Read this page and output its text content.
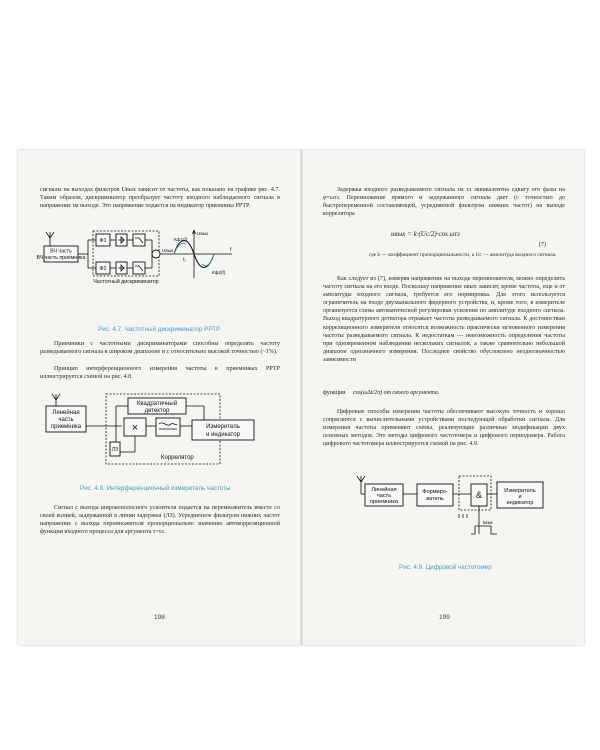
сигналы на выходах фильтров Uвых зависит от частоты, как показано на графике рис. 4.7. Таким образом, дискриминатор преобразует частоту входного наблюдаемого сигнала в напряжение на выходе. Это напряжение подается на индикатор приемника РРТР.
ВЧ часть
ВЧ часть приемника
Ф1
Ф2
Uвых
Частотный дискриминатор
Uвых
f
f₀
Кф1(f)
Кф2(f)
Рис. 4.7. Частотный дискриминатор РРТР
Приемники с частотными дискриминаторами способны определять частоту разведываемого сигнала в широком диапазоне и с относительно высокой точностью (~1%).
Принцип интерференционного измерения частоты в приемниках РРТР иллюстрируется схемой на рис. 4.8.
Линейная
часть
приемника
Квадратичный
детектор
×	Измеритель
и индикатор
ЛЗ
Коррелятор
Рис. 4.8. Интерференционный измеритель частоты
Сигнал с выхода широкополосного усилителя подается на перемножитель вместе со своей копией, задержанной в линии задержки (ЛЗ). Усредненное фильтром нижних частот напряжение с выхода перемножителя пропорционально значению автокорреляционной функции входного процесса для аргумента τ=τз.
198
Задержка входного разведываемого сигнала на τз эквивалентна сдвигу его фазы на φ=ωτз. Перемножение прямого и задержанного сигнала дает (с точностью до быстропеременной составляющей, усредняемой фильтром нижних частот) на выходе коррелятора
uвых = k·(Uc/2)·cos ωτз
(7)
где k — коэффициент пропорциональности, а Uc — амплитуда входного сигнала.
Как следует из (7), измеряя напряжение на выходе перемножителя, можно определить частоту сигнала на его входе. Поскольку напряжение uвых зависит, кроме частоты, еще и от амплитуды входного сигнала, требуется его нормировка. Для этого используется ограничитель на входе двухканального фидерного устройства, и, кроме того, в измерителе организуется схема автоматической регулировки усиления по амплитуде входного сигнала. Выход квадратурного детектора отражает частоты разведываемого сигнала. К достоинствам корреляционного измерителя относятся возможность практически мгновенного измерения частоты разведываемого сигнала. К недостаткам — невозможность определения частоты при одновременном наблюдении нескольких сигналов, а также сравнительно небольшой диапазон однозначного измерения. Последнее свойство обусловлено неоднозначностью зависимости
функции cos(ωΔt/2π) от своего аргумента.
Цифровые способы измерения частоты обеспечивают высокую точность и хорошо сопрягаются с вычислительными устройствами последующей обработки сигнала. Для измерения частоты применяют схемы, реализующие различные модификации двух основных методов. Это методы цифрового частотомера и цифрового периодомера. Работа цифрового частотомера иллюстрируется схемой на рис. 4.9.
Линейная
часть
приемника
Формиро-
ватель	&	Измеритель
и
индикатор
tизм
Рис. 4.9. Цифровой частотомер
199
